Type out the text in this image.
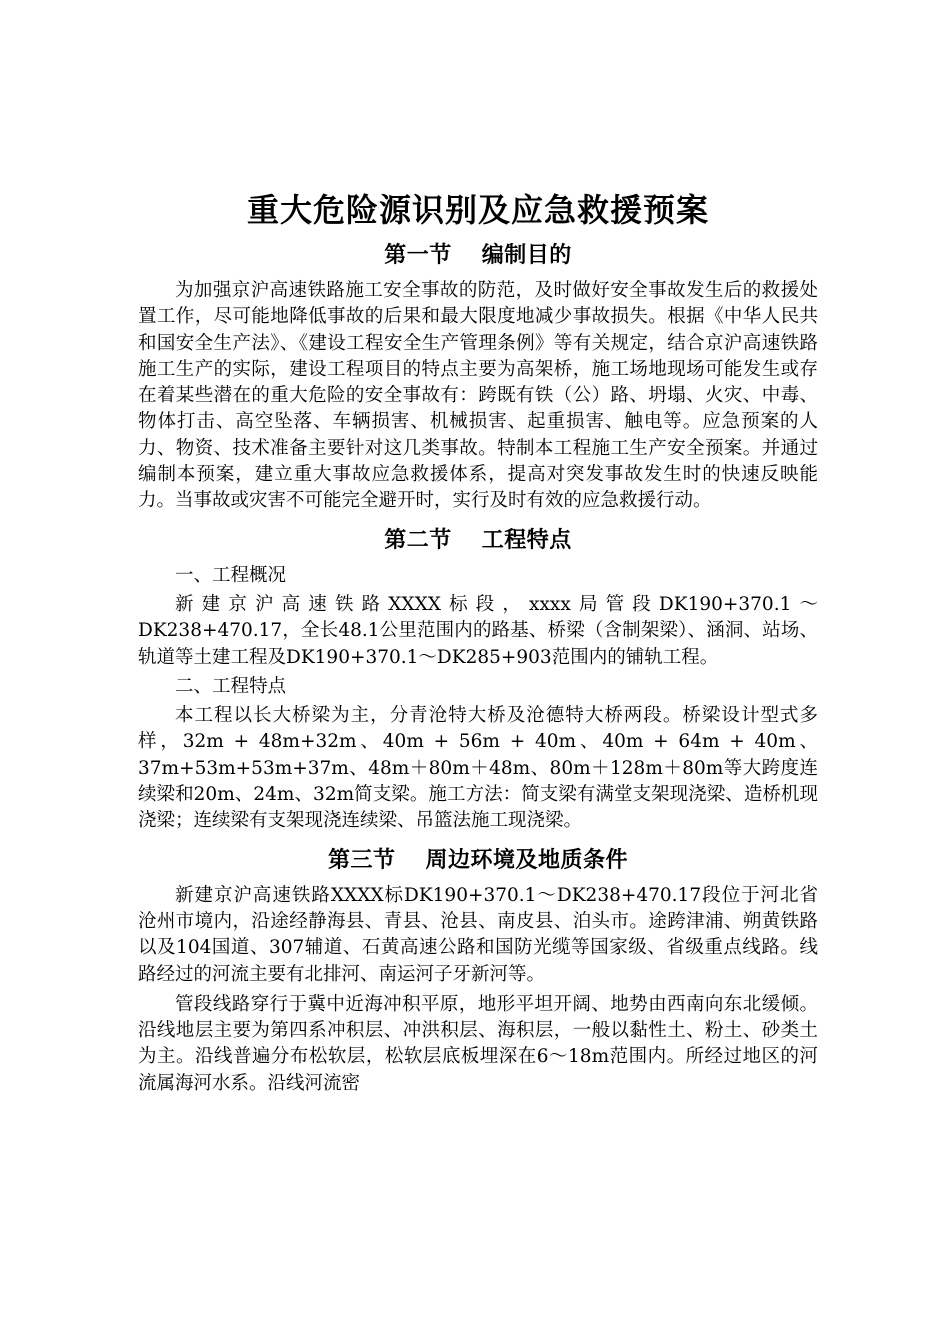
重大危险源识别及应急救援预案
第一节 编制目的

为加强京沪高速铁路施工安全事故的防范，及时做好安全事故发生后的救援处置工作，尽可能地降低事故的后果和最大限度地减少事故损失。根据《中华人民共和国安全生产法》、《建设工程安全生产管理条例》等有关规定，结合京沪高速铁路施工生产的实际，建设工程项目的特点主要为高架桥，施工场地现场可能发生或存在着某些潜在的重大危险的安全事故有：跨既有铁（公）路、坍塌、火灾、中毒、物体打击、高空坠落、车辆损害、机械损害、起重损害、触电等。应急预案的人力、物资、技术准备主要针对这几类事故。特制本工程施工生产安全预案。并通过编制本预案，建立重大事故应急救援体系，提高对突发事故发生时的快速反映能力。当事故或灾害不可能完全避开时，实行及时有效的应急救援行动。

第二节 工程特点

一、工程概况

新建京沪高速铁路XXXX标段，xxxx局管段DK190+370.1～DK238+470.17，全长48.1公里范围内的路基、桥梁（含制架梁）、涵洞、站场、轨道等土建工程及DK190+370.1～DK285+903范围内的铺轨工程。

二、工程特点

本工程以长大桥梁为主，分青沧特大桥及沧德特大桥两段。桥梁设计型式多样，32m + 48m+32m、40m + 56m + 40m、40m + 64m + 40m、37m+53m+53m+37m、48m＋80m＋48m、80m＋128m＋80m等大跨度连续梁和20m、24m、32m简支梁。施工方法：简支梁有满堂支架现浇梁、造桥机现浇梁；连续梁有支架现浇连续梁、吊篮法施工现浇梁。

第三节 周边环境及地质条件

新建京沪高速铁路XXXX标DK190+370.1～DK238+470.17段位于河北省沧州市境内，沿途经静海县、青县、沧县、南皮县、泊头市。途跨津浦、朔黄铁路以及104国道、307辅道、石黄高速公路和国防光缆等国家级、省级重点线路。线路经过的河流主要有北排河、南运河子牙新河等。

管段线路穿行于冀中近海冲积平原，地形平坦开阔、地势由西南向东北缓倾。沿线地层主要为第四系冲积层、冲洪积层、海积层，一般以黏性土、粉土、砂类土为主。沿线普遍分布松软层，松软层底板埋深在6～18m范围内。所经过地区的河流属海河水系。沿线河流密
